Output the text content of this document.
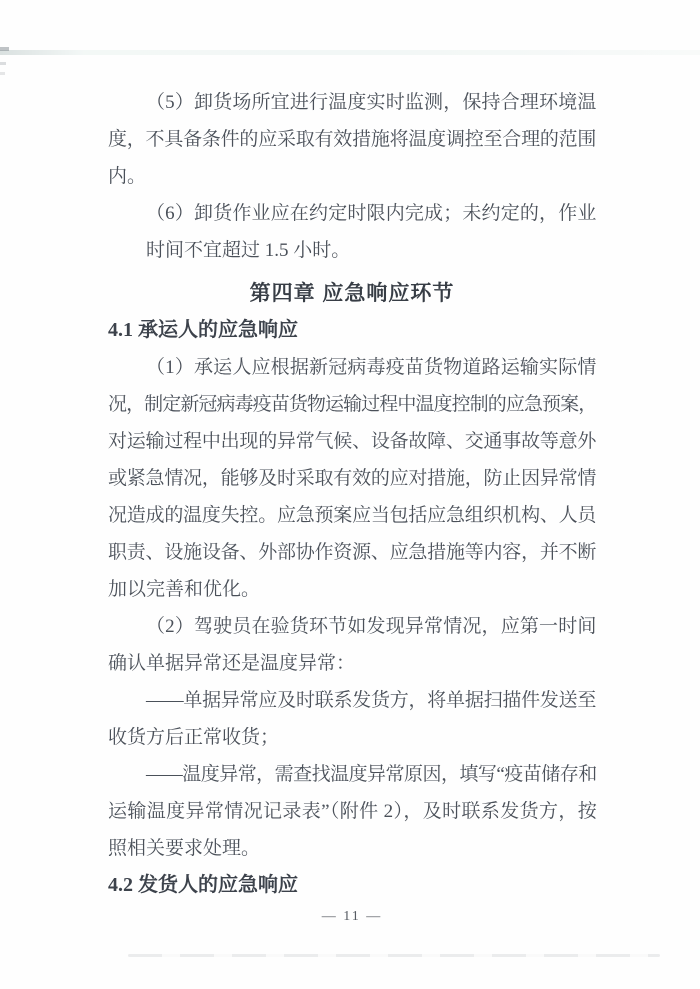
（5）卸货场所宜进行温度实时监测，保持合理环境温
度，不具备条件的应采取有效措施将温度调控至合理的范围
内。
（6）卸货作业应在约定时限内完成；未约定的，作业
时间不宜超过 1.5 小时。
第四章 应急响应环节
4.1 承运人的应急响应
（1）承运人应根据新冠病毒疫苗货物道路运输实际情
况，制定新冠病毒疫苗货物运输过程中温度控制的应急预案，
对运输过程中出现的异常气候、设备故障、交通事故等意外
或紧急情况，能够及时采取有效的应对措施，防止因异常情
况造成的温度失控。应急预案应当包括应急组织机构、人员
职责、设施设备、外部协作资源、应急措施等内容，并不断
加以完善和优化。
（2）驾驶员在验货环节如发现异常情况，应第一时间
确认单据异常还是温度异常：
——单据异常应及时联系发货方，将单据扫描件发送至
收货方后正常收货；
——温度异常，需查找温度异常原因，填写“疫苗储存和
运输温度异常情况记录表”（附件 2），及时联系发货方，按
照相关要求处理。
4.2 发货人的应急响应
— 11 —
